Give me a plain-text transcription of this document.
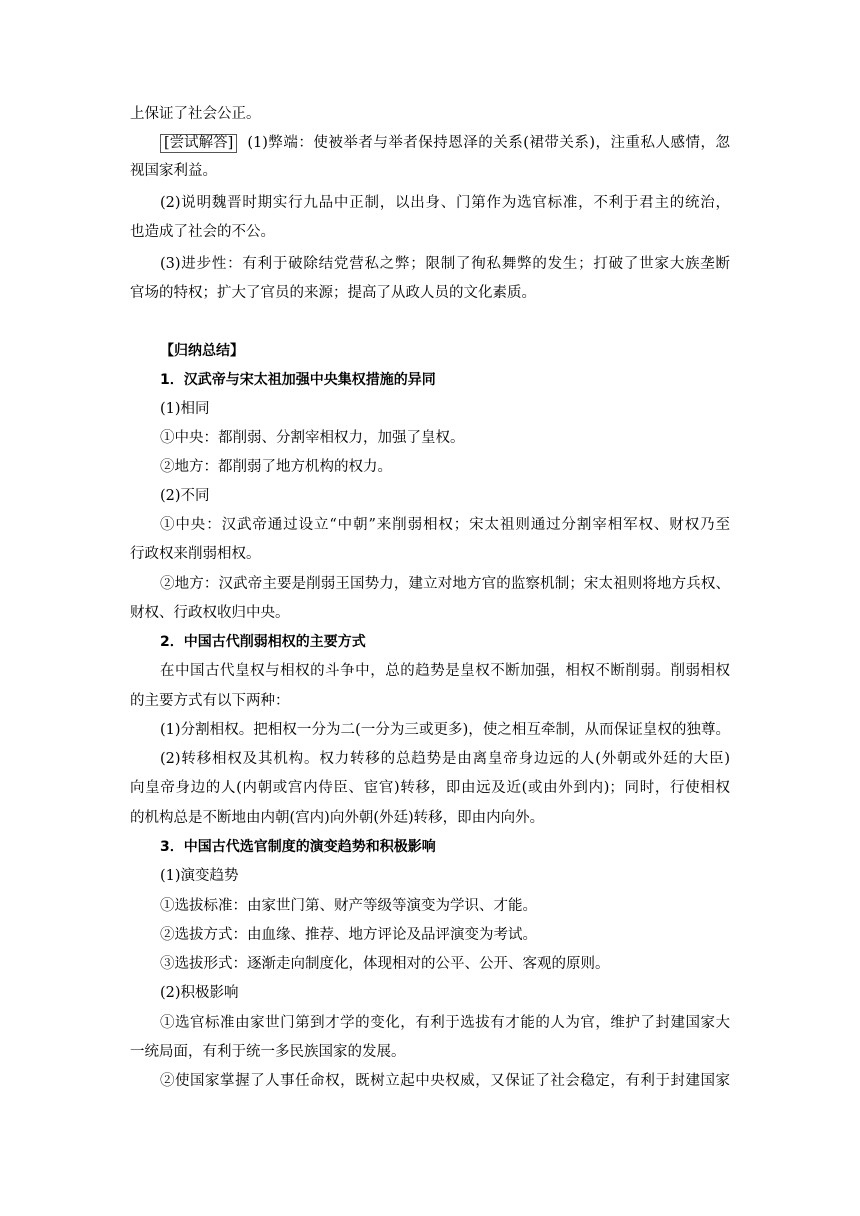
上保证了社会公正。
[尝试解答] (1)弊端：使被举者与举者保持恩泽的关系(裙带关系)，注重私人感情，忽
视国家利益。
(2)说明魏晋时期实行九品中正制，以出身、门第作为选官标准，不利于君主的统治，
也造成了社会的不公。
(3)进步性：有利于破除结党营私之弊；限制了徇私舞弊的发生；打破了世家大族垄断
官场的特权；扩大了官员的来源；提高了从政人员的文化素质。
【归纳总结】
1．汉武帝与宋太祖加强中央集权措施的异同
(1)相同
①中央：都削弱、分割宰相权力，加强了皇权。
②地方：都削弱了地方机构的权力。
(2)不同
①中央：汉武帝通过设立“中朝”来削弱相权；宋太祖则通过分割宰相军权、财权乃至
行政权来削弱相权。
②地方：汉武帝主要是削弱王国势力，建立对地方官的监察机制；宋太祖则将地方兵权、
财权、行政权收归中央。
2．中国古代削弱相权的主要方式
在中国古代皇权与相权的斗争中，总的趋势是皇权不断加强，相权不断削弱。削弱相权
的主要方式有以下两种：
(1)分割相权。把相权一分为二(一分为三或更多)，使之相互牵制，从而保证皇权的独尊。
(2)转移相权及其机构。权力转移的总趋势是由离皇帝身边远的人(外朝或外廷的大臣)
向皇帝身边的人(内朝或宫内侍臣、宦官)转移，即由远及近(或由外到内)；同时，行使相权
的机构总是不断地由内朝(宫内)向外朝(外廷)转移，即由内向外。
3．中国古代选官制度的演变趋势和积极影响
(1)演变趋势
①选拔标准：由家世门第、财产等级等演变为学识、才能。
②选拔方式：由血缘、推荐、地方评论及品评演变为考试。
③选拔形式：逐渐走向制度化，体现相对的公平、公开、客观的原则。
(2)积极影响
①选官标准由家世门第到才学的变化，有利于选拔有才能的人为官，维护了封建国家大
一统局面，有利于统一多民族国家的发展。
②使国家掌握了人事任命权，既树立起中央权威，又保证了社会稳定，有利于封建国家
